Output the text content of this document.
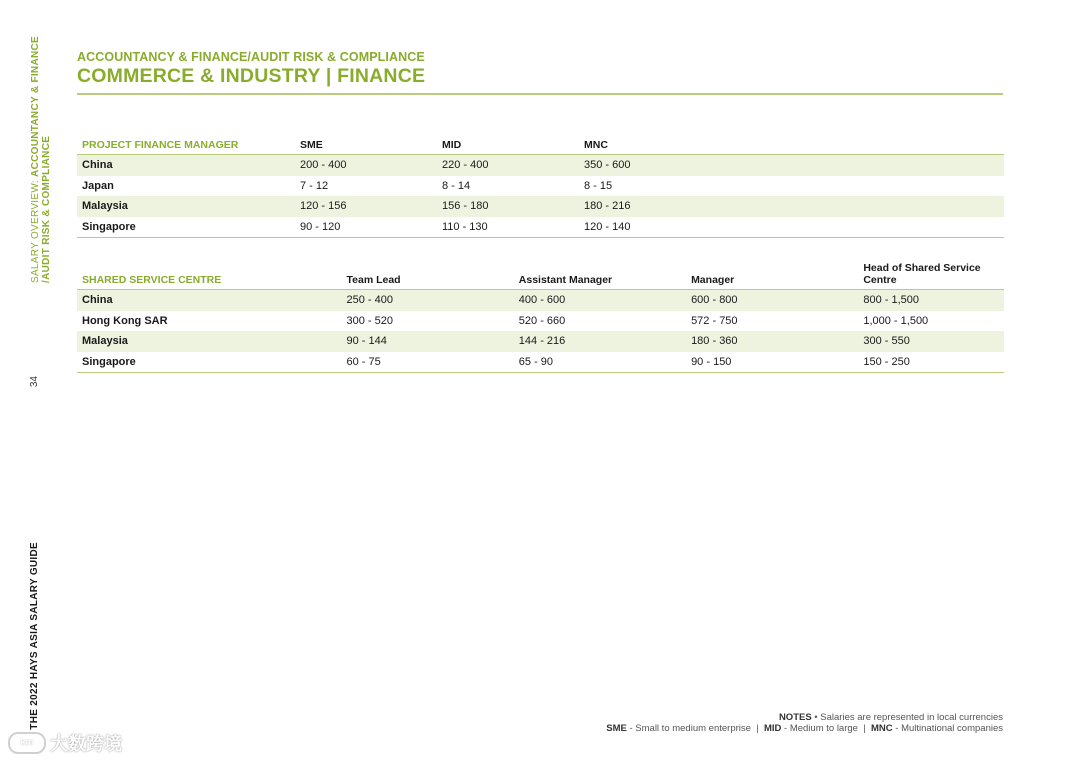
SALARY OVERVIEW: ACCOUNTANCY & FINANCE
/AUDIT RISK & COMPLIANCE
34
THE 2022 HAYS ASIA SALARY GUIDE
ACCOUNTANCY & FINANCE/AUDIT RISK & COMPLIANCE
COMMERCE & INDUSTRY | FINANCE
PROJECT FINANCE MANAGER	SME	MID	MNC	
China	200 - 400	220 - 400	350 - 600	
Japan	7 - 12	8 - 14	8 - 15	
Malaysia	120 - 156	156 - 180	180 - 216	
Singapore	90 - 120	110 - 130	120 - 140	
SHARED SERVICE CENTRE	Team Lead	Assistant Manager	Manager	Head of Shared Service Centre
China	250 - 400	400 - 600	600 - 800	800 - 1,500
Hong Kong SAR	300 - 520	520 - 660	572 - 750	1,000 - 1,500
Malaysia	90 - 144	144 - 216	180 - 360	300 - 550
Singapore	60 - 75	65 - 90	90 - 150	150 - 250
NOTES • Salaries are represented in local currencies
SME - Small to medium enterprise  |  MID - Medium to large  |  MNC - Multinational companies
km 大数跨境
